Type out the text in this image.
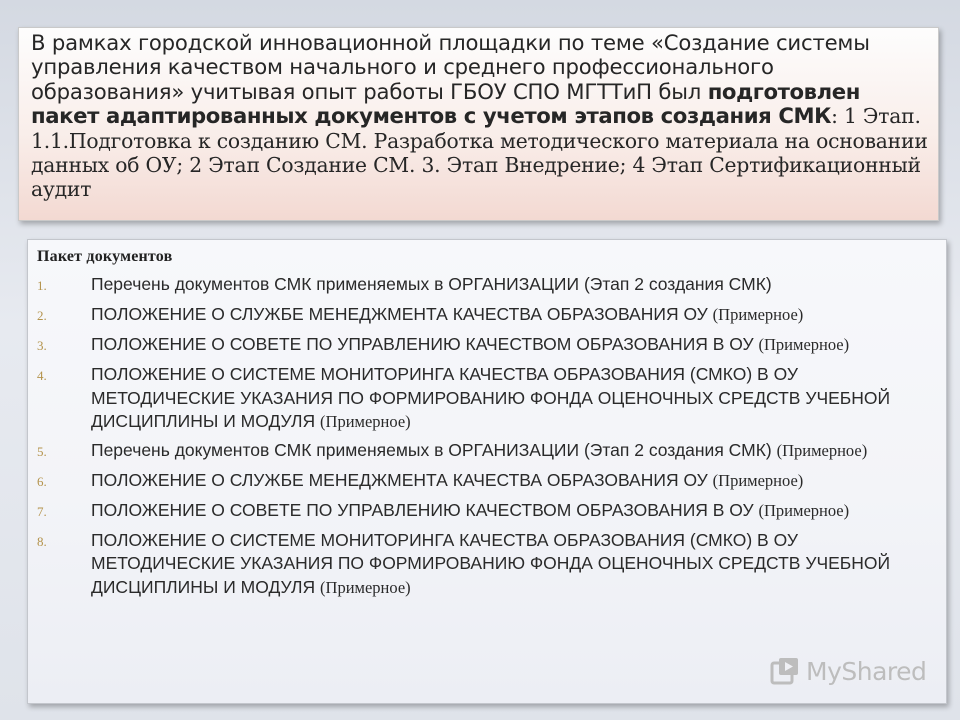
В рамках городской инновационной площадки по теме «Создание системы управления качеством начального и среднего профессионального образования» учитывая опыт работы ГБОУ СПО МГТТиП был подготовлен пакет адаптированных документов с учетом этапов создания СМК: 1 Этап. 1.1.Подготовка к созданию СМ. Разработка методического материала на основании данных об ОУ; 2 Этап Создание СМ. 3. Этап Внедрение; 4 Этап Сертификационный аудит

Пакет документов

1.	Перечень документов СМК применяемых в ОРГАНИЗАЦИИ (Этап 2 создания СМК)
2.	ПОЛОЖЕНИЕ О СЛУЖБЕ МЕНЕДЖМЕНТА КАЧЕСТВА ОБРАЗОВАНИЯ ОУ (Примерное)
3.	ПОЛОЖЕНИЕ О СОВЕТЕ ПО УПРАВЛЕНИЮ КАЧЕСТВОМ ОБРАЗОВАНИЯ В ОУ (Примерное)
4.	ПОЛОЖЕНИЕ О СИСТЕМЕ МОНИТОРИНГА КАЧЕСТВА ОБРАЗОВАНИЯ (СМКО) В ОУ МЕТОДИЧЕСКИЕ УКАЗАНИЯ ПО ФОРМИРОВАНИЮ ФОНДА ОЦЕНОЧНЫХ СРЕДСТВ УЧЕБНОЙ ДИСЦИПЛИНЫ И МОДУЛЯ (Примерное)
5.	Перечень документов СМК применяемых в ОРГАНИЗАЦИИ (Этап 2 создания СМК) (Примерное)
6.	ПОЛОЖЕНИЕ О СЛУЖБЕ МЕНЕДЖМЕНТА КАЧЕСТВА ОБРАЗОВАНИЯ ОУ (Примерное)
7.	ПОЛОЖЕНИЕ О СОВЕТЕ ПО УПРАВЛЕНИЮ КАЧЕСТВОМ ОБРАЗОВАНИЯ В ОУ (Примерное)
8.	ПОЛОЖЕНИЕ О СИСТЕМЕ МОНИТОРИНГА КАЧЕСТВА ОБРАЗОВАНИЯ (СМКО) В ОУ МЕТОДИЧЕСКИЕ УКАЗАНИЯ ПО ФОРМИРОВАНИЮ ФОНДА ОЦЕНОЧНЫХ СРЕДСТВ УЧЕБНОЙ ДИСЦИПЛИНЫ И МОДУЛЯ (Примерное)
MyShared
